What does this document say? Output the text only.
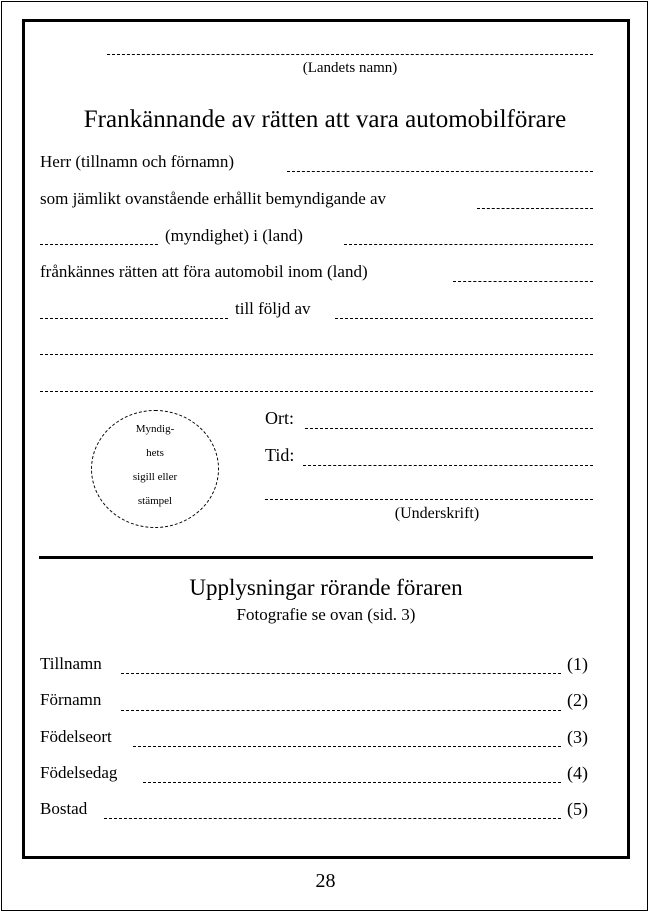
(Landets namn)
Frankännande av rätten att vara automobilförare
Herr (tillnamn och förnamn)
som jämlikt ovanstående erhållit bemyndigande av
(myndighet) i (land)
frånkännes rätten att föra automobil inom (land)
till följd av
Myndig-
hets
sigill eller
stämpel
Ort:
Tid:
(Underskrift)
Upplysningar rörande föraren
Fotografie se ovan (sid. 3)
Tillnamn	(1)
Förnamn	(2)
Födelseort	(3)
Födelsedag	(4)
Bostad	(5)
28
